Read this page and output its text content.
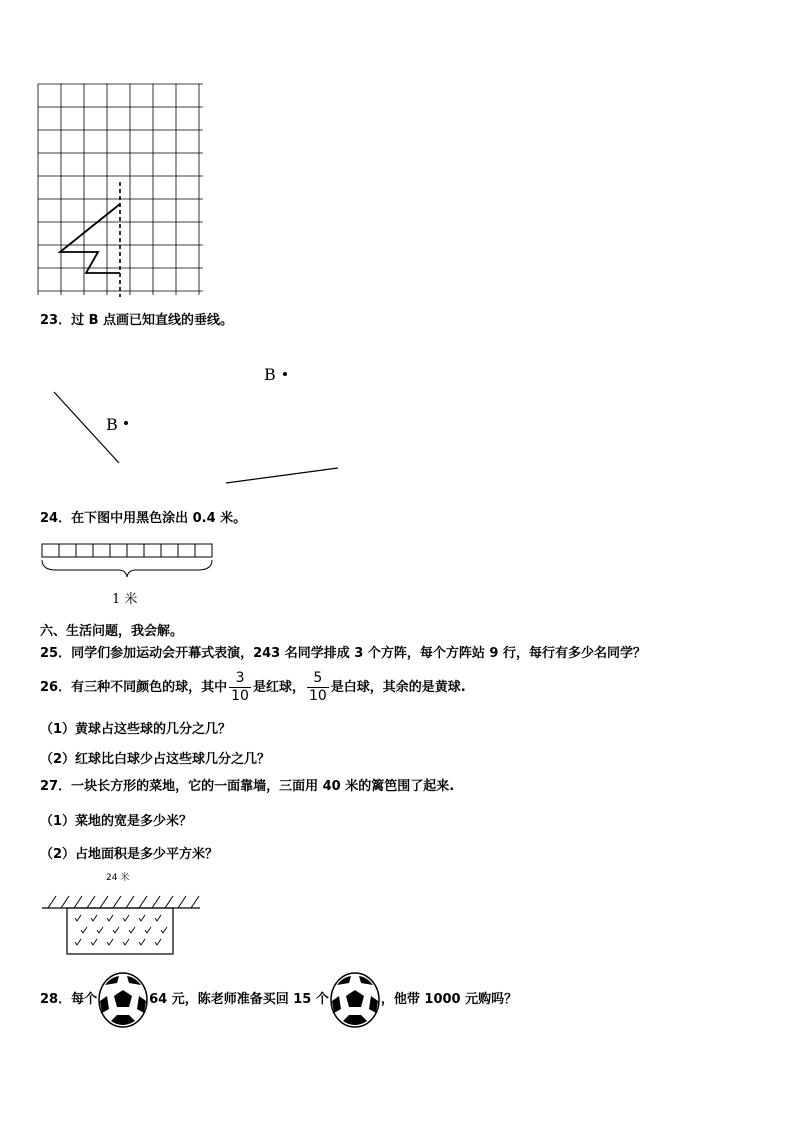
23．过 B 点画已知直线的垂线。
B
B
24．在下图中用黑色涂出 0.4 米。
1 米
六、生活问题，我会解。
25．同学们参加运动会开幕式表演，243 名同学排成 3 个方阵，每个方阵站 9 行，每行有多少名同学？
26．有三种不同颜色的球，其中 $\frac{3}{10}$ 是红球， $\frac{5}{10}$ 是白球，其余的是黄球.
（1）黄球占这些球的几分之几？
（2）红球比白球少占这些球几分之几？
27．一块长方形的菜地，它的一面靠墙，三面用 40 米的篱笆围了起来.
（1）菜地的宽是多少米？
（2）占地面积是多少平方米？
24 米
28．每个	64 元，陈老师准备买回 15 个	，他带 1000 元购吗？
